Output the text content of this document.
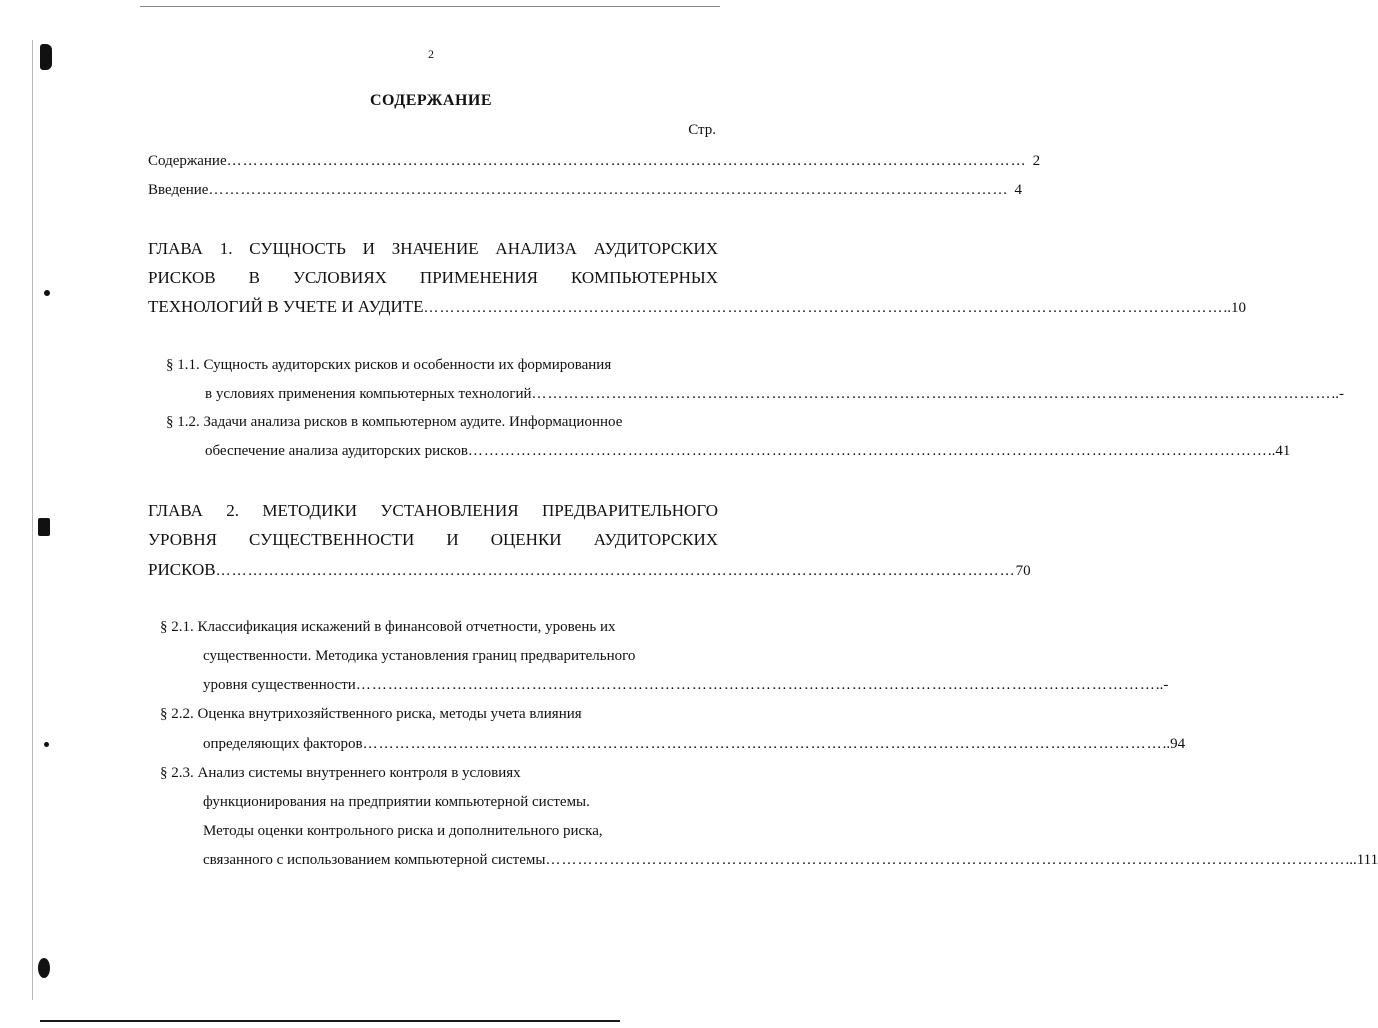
2
СОДЕРЖАНИЕ
Стр.
Содержание …………………………………………………………………………………………………………………………………… 2
Введение …………………………………………………………………………………………………………………………………… 4
ГЛАВА 1. СУЩНОСТЬ И ЗНАЧЕНИЕ АНАЛИЗА АУДИТОРСКИХ
РИСКОВ В УСЛОВИЯХ ПРИМЕНЕНИЯ КОМПЬЮТЕРНЫХ
ТЕХНОЛОГИЙ В УЧЕТЕ И АУДИТЕ …………………………………………………………………………………………………………………………………… ..10
§ 1.1. Сущность аудиторских рисков и особенности их формирования
в условиях применения компьютерных технологий …………………………………………………………………………………………………………………………………… ..-
§ 1.2. Задачи анализа рисков в компьютерном аудите. Информационное
обеспечение анализа аудиторских рисков …………………………………………………………………………………………………………………………………… ..41
ГЛАВА 2. МЕТОДИКИ УСТАНОВЛЕНИЯ ПРЕДВАРИТЕЛЬНОГО
УРОВНЯ СУЩЕСТВЕННОСТИ И ОЦЕНКИ АУДИТОРСКИХ
РИСКОВ …………………………………………………………………………………………………………………………………… 70
§ 2.1. Классификация искажений в финансовой отчетности, уровень их
существенности. Методика установления границ предварительного
уровня существенности …………………………………………………………………………………………………………………………………… ..-
§ 2.2. Оценка внутрихозяйственного риска, методы учета влияния
определяющих факторов …………………………………………………………………………………………………………………………………… ..94
§ 2.3. Анализ системы внутреннего контроля в условиях
функционирования на предприятии компьютерной системы.
Методы оценки контрольного риска и дополнительного риска,
связанного с использованием компьютерной системы …………………………………………………………………………………………………………………………………… ...111
